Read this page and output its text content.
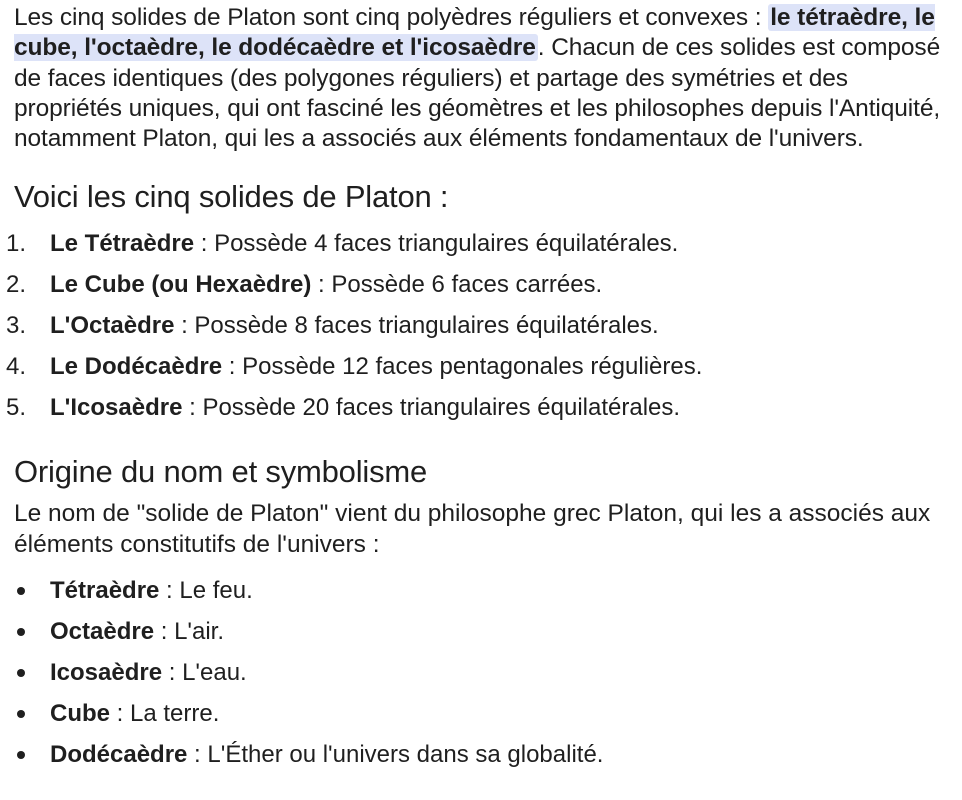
Les cinq solides de Platon sont cinq polyèdres réguliers et convexes : le tétraèdre, le cube, l'octaèdre, le dodécaèdre et l'icosaèdre. Chacun de ces solides est composé de faces identiques (des polygones réguliers) et partage des symétries et des propriétés uniques, qui ont fasciné les géomètres et les philosophes depuis l'Antiquité, notamment Platon, qui les a associés aux éléments fondamentaux de l'univers.

Voici les cinq solides de Platon :
1. Le Tétraèdre : Possède 4 faces triangulaires équilatérales.
2. Le Cube (ou Hexaèdre) : Possède 6 faces carrées.
3. L'Octaèdre : Possède 8 faces triangulaires équilatérales.
4. Le Dodécaèdre : Possède 12 faces pentagonales régulières.
5. L'Icosaèdre : Possède 20 faces triangulaires équilatérales.
Origine du nom et symbolisme

Le nom de "solide de Platon" vient du philosophe grec Platon, qui les a associés aux éléments constitutifs de l'univers :

Tétraèdre : Le feu.
Octaèdre : L'air.
Icosaèdre : L'eau.
Cube : La terre.
Dodécaèdre : L'Éther ou l'univers dans sa globalité.
